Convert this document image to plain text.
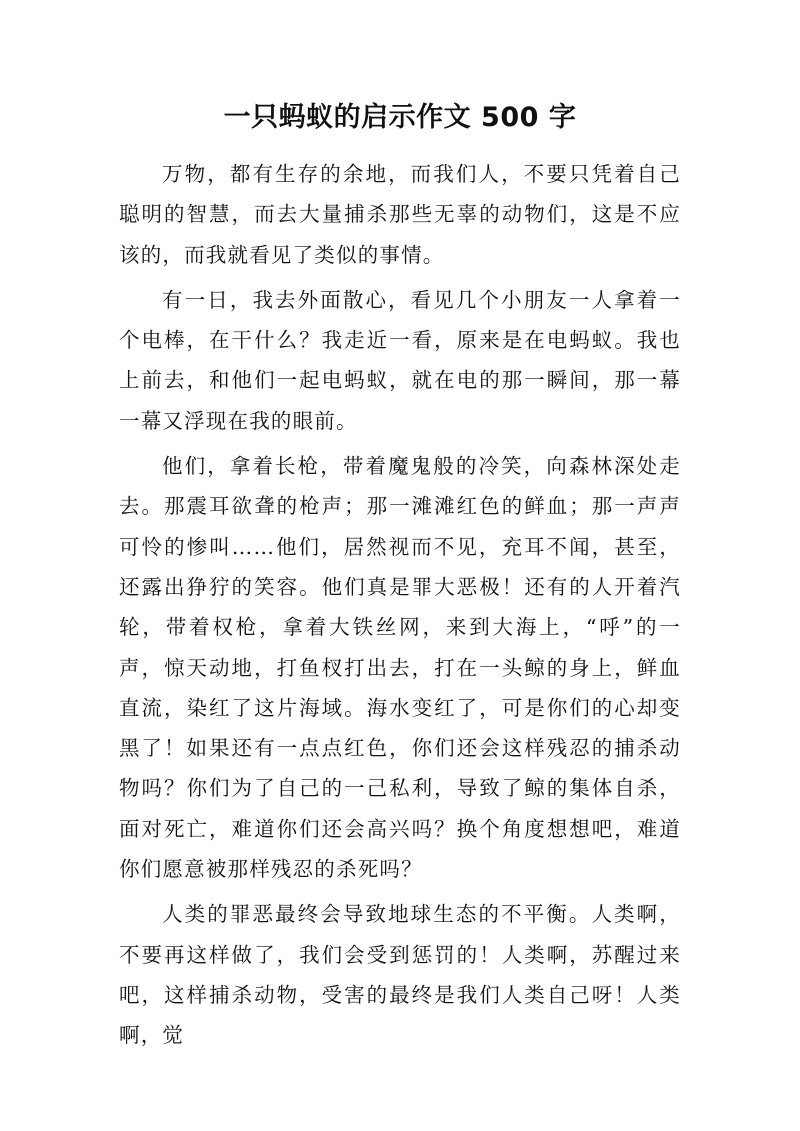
一只蚂蚁的启示作文 500 字

万物，都有生存的余地，而我们人，不要只凭着自己聪明的智慧，而去大量捕杀那些无辜的动物们，这是不应该的，而我就看见了类似的事情。

有一日，我去外面散心，看见几个小朋友一人拿着一个电棒，在干什么？我走近一看，原来是在电蚂蚁。我也上前去，和他们一起电蚂蚁，就在电的那一瞬间，那一幕一幕又浮现在我的眼前。

他们，拿着长枪，带着魔鬼般的冷笑，向森林深处走去。那震耳欲聋的枪声；那一滩滩红色的鲜血；那一声声可怜的惨叫……他们，居然视而不见，充耳不闻，甚至，还露出狰狞的笑容。他们真是罪大恶极！还有的人开着汽轮，带着权枪，拿着大铁丝网，来到大海上，“呼”的一声，惊天动地，打鱼杈打出去，打在一头鲸的身上，鲜血直流，染红了这片海域。海水变红了，可是你们的心却变黑了！如果还有一点点红色，你们还会这样残忍的捕杀动物吗？你们为了自己的一己私利，导致了鲸的集体自杀，面对死亡，难道你们还会高兴吗？换个角度想想吧，难道你们愿意被那样残忍的杀死吗？

人类的罪恶最终会导致地球生态的不平衡。人类啊，不要再这样做了，我们会受到惩罚的！人类啊，苏醒过来吧，这样捕杀动物，受害的最终是我们人类自己呀！人类啊，觉
